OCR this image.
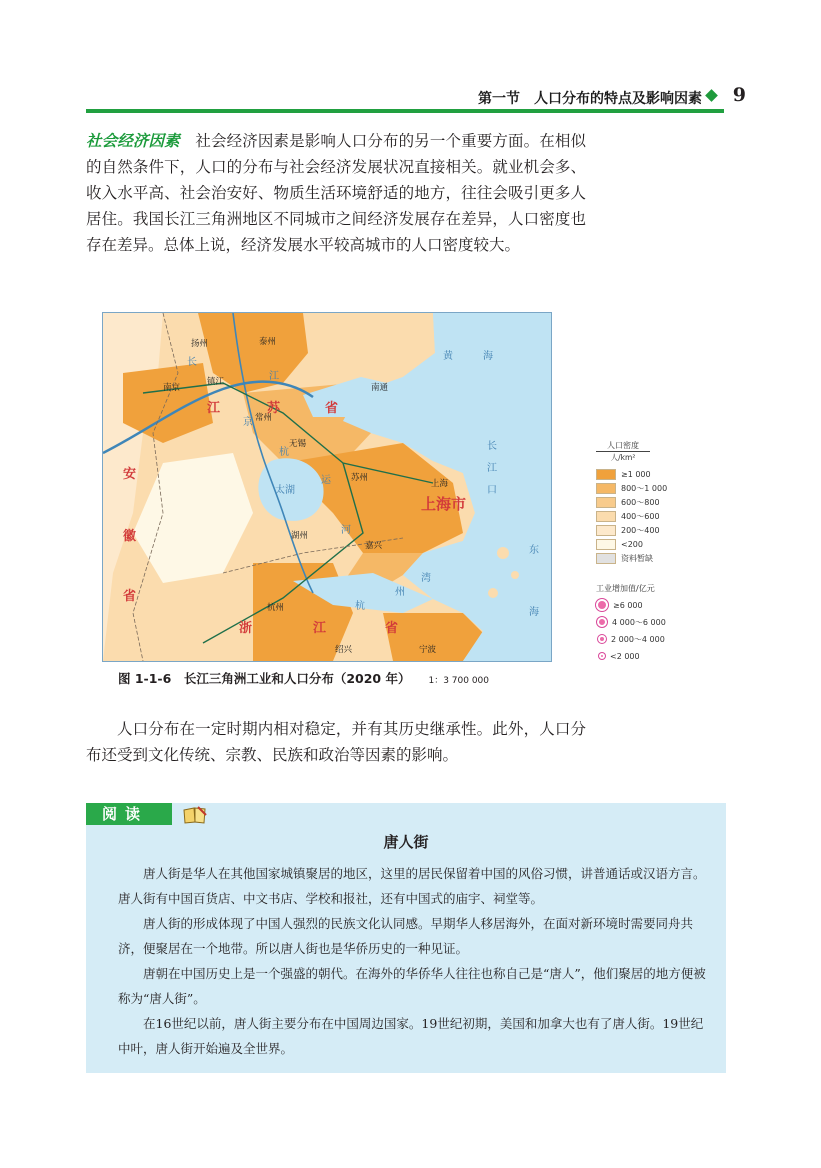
第一节　人口分布的特点及影响因素 9

社会经济因素　社会经济因素是影响人口分布的另一个重要方面。在相似的自然条件下，人口的分布与社会经济发展状况直接相关。就业机会多、收入水平高、社会治安好、物质生活环境舒适的地方，往往会吸引更多人居住。我国长江三角洲地区不同城市之间经济发展存在差异，人口密度也存在差异。总体上说，经济发展水平较高城市的人口密度较大。

江 苏	省
安
徽
省
上海市
浙	江	省
黄	海
长
江
口
东
海
太湖
杭
州
湾
长
江
京
杭
运
河
扬州	泰州
南京
镇江
南通
常州
无锡
苏州
上海
湖州
嘉兴
杭州
绍兴	宁波
人口密度
人/km²
≥1 000
800～1 000
600～800
400～600
200～400
<200
资料暂缺
工业增加值/亿元
≥6 000
4 000～6 000
2 000～4 000
<2 000
图 1-1-6　长江三角洲工业和人口分布（2020 年） 1：3 700 000

人口分布在一定时期内相对稳定，并有其历史继承性。此外，人口分布还受到文化传统、宗教、民族和政治等因素的影响。

阅读
唐人街

唐人街是华人在其他国家城镇聚居的地区，这里的居民保留着中国的风俗习惯，讲普通话或汉语方言。唐人街有中国百货店、中文书店、学校和报社，还有中国式的庙宇、祠堂等。

唐人街的形成体现了中国人强烈的民族文化认同感。早期华人移居海外，在面对新环境时需要同舟共济，便聚居在一个地带。所以唐人街也是华侨历史的一种见证。

唐朝在中国历史上是一个强盛的朝代。在海外的华侨华人往往也称自己是“唐人”，他们聚居的地方便被称为“唐人街”。

在16世纪以前，唐人街主要分布在中国周边国家。19世纪初期，美国和加拿大也有了唐人街。19世纪中叶，唐人街开始遍及全世界。
